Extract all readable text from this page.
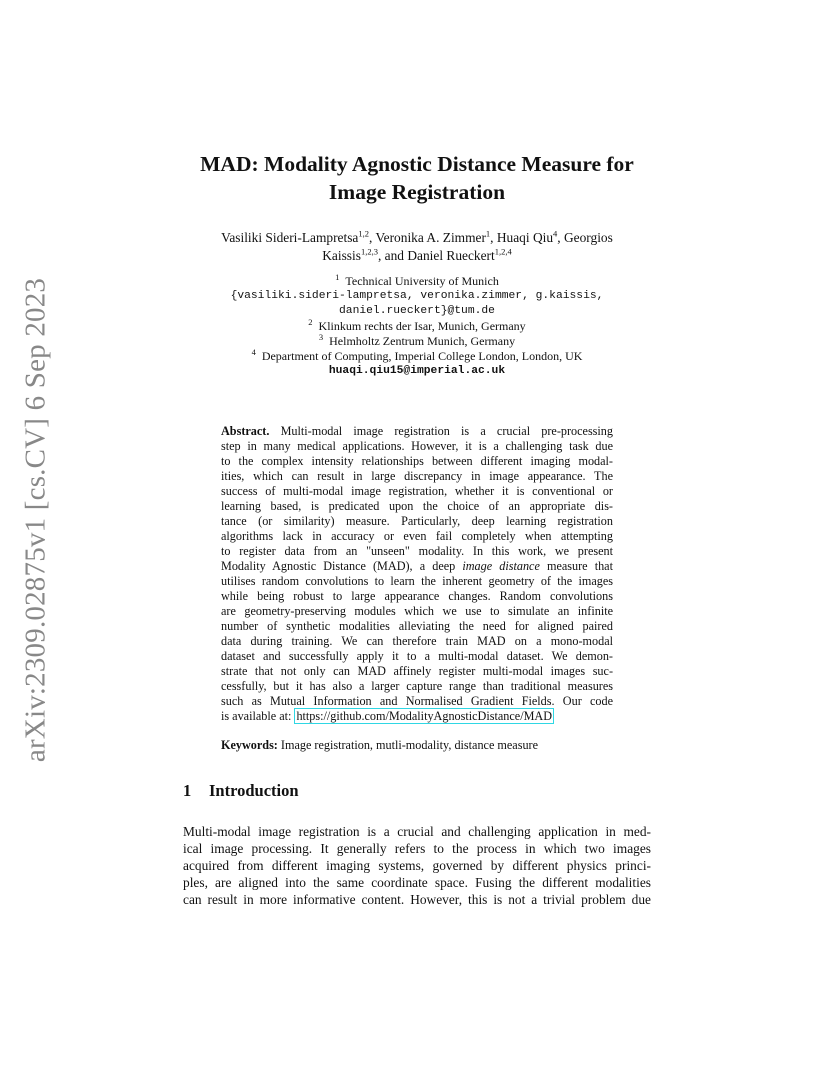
arXiv:2309.02875v1 [cs.CV] 6 Sep 2023
MAD: Modality Agnostic Distance Measure for
Image Registration
Vasiliki Sideri-Lampretsa$^{1,2}$, Veronika A. Zimmer$^1$, Huaqi Qiu$^4$, Georgios
Kaissis$^{1,2,3}$, and Daniel Rueckert$^{1,2,4}$
$^1$ Technical University of Munich
{vasiliki.sideri-lampretsa, veronika.zimmer, g.kaissis,
daniel.rueckert}@tum.de
$^2$ Klinkum rechts der Isar, Munich, Germany
$^3$ Helmholtz Zentrum Munich, Germany
$^4$ Department of Computing, Imperial College London, London, UK
huaqi.qiu15@imperial.ac.uk
Abstract. Multi-modal image registration is a crucial pre-processing
step in many medical applications. However, it is a challenging task due
to the complex intensity relationships between different imaging modal-
ities, which can result in large discrepancy in image appearance. The
success of multi-modal image registration, whether it is conventional or
learning based, is predicated upon the choice of an appropriate dis-
tance (or similarity) measure. Particularly, deep learning registration
algorithms lack in accuracy or even fail completely when attempting
to register data from an "unseen" modality. In this work, we present
Modality Agnostic Distance (MAD), a deep image distance measure that
utilises random convolutions to learn the inherent geometry of the images
while being robust to large appearance changes. Random convolutions
are geometry-preserving modules which we use to simulate an infinite
number of synthetic modalities alleviating the need for aligned paired
data during training. We can therefore train MAD on a mono-modal
dataset and successfully apply it to a multi-modal dataset. We demon-
strate that not only can MAD affinely register multi-modal images suc-
cessfully, but it has also a larger capture range than traditional measures
such as Mutual Information and Normalised Gradient Fields. Our code
is available at: https://github.com/ModalityAgnosticDistance/MAD
Keywords: Image registration, mutli-modality, distance measure
1 Introduction
Multi-modal image registration is a crucial and challenging application in med-
ical image processing. It generally refers to the process in which two images
acquired from different imaging systems, governed by different physics princi-
ples, are aligned into the same coordinate space. Fusing the different modalities
can result in more informative content. However, this is not a trivial problem due
